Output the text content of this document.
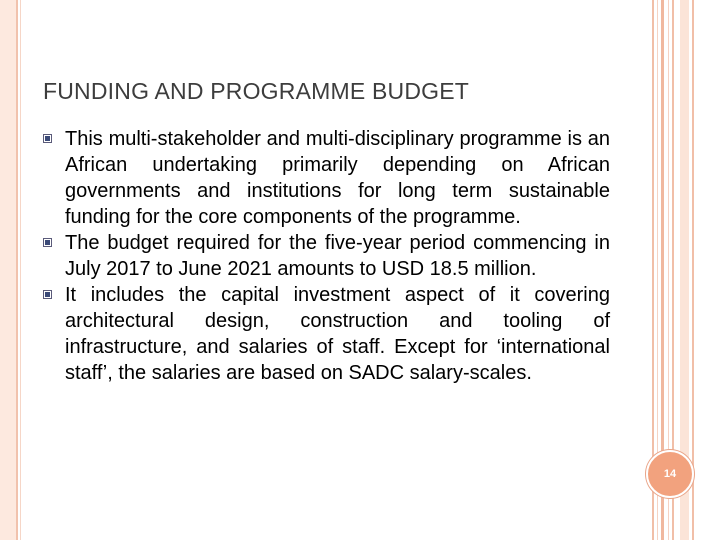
FUNDING AND PROGRAMME BUDGET
This multi-stakeholder and multi-disciplinary programme is an African undertaking primarily depending on African governments and institutions for long term sustainable funding for the core components of the programme.
The budget required for the five-year period commencing in July 2017 to June 2021 amounts to USD 18.5 million.
It includes the capital investment aspect of it covering architectural design, construction and tooling of infrastructure, and salaries of staff. Except for ‘international staff’, the salaries are based on SADC salary-scales.
14
